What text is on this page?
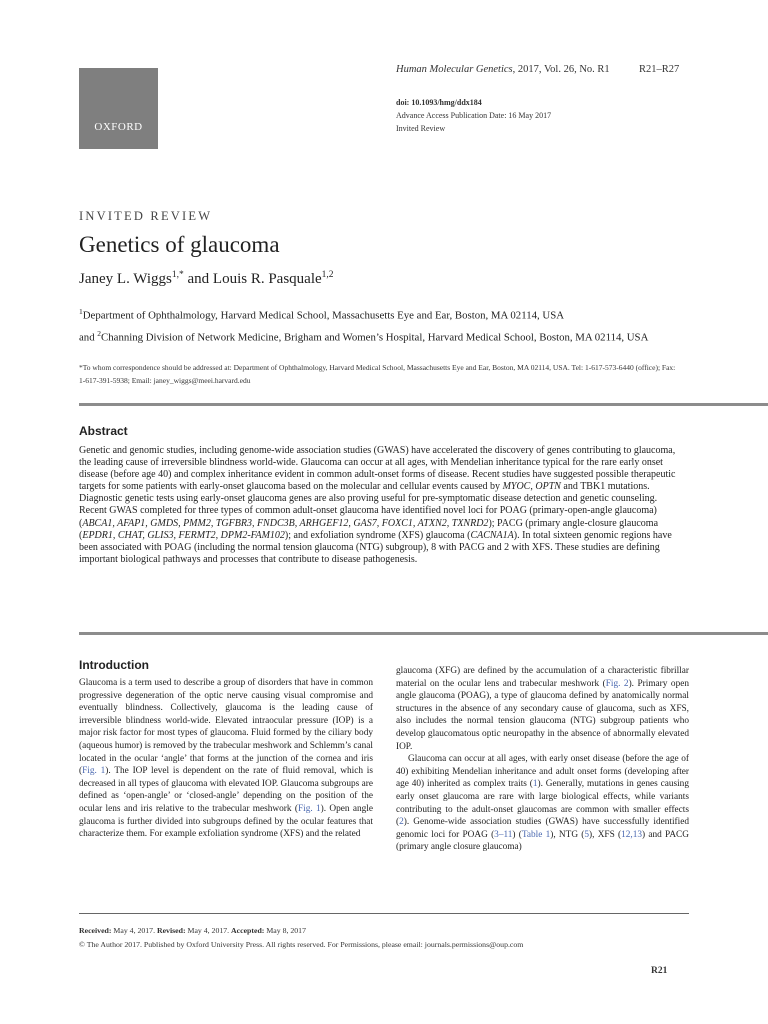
OXFORD
Human Molecular Genetics, 2017, Vol. 26, No. R1	R21–R27
doi: 10.1093/hmg/ddx184
Advance Access Publication Date: 16 May 2017
Invited Review
INVITED REVIEW
Genetics of glaucoma
Janey L. Wiggs$^{1,*}$ and Louis R. Pasquale$^{1,2}$
$^1$Department of Ophthalmology, Harvard Medical School, Massachusetts Eye and Ear, Boston, MA 02114, USA
and $^2$Channing Division of Network Medicine, Brigham and Women’s Hospital, Harvard Medical School, Boston, MA 02114, USA
*To whom correspondence should be addressed at: Department of Ophthalmology, Harvard Medical School, Massachusetts Eye and Ear, Boston, MA 02114, USA. Tel: 1-617-573-6440 (office); Fax: 1-617-391-5938; Email: janey_wiggs@meei.harvard.edu
Abstract
Genetic and genomic studies, including genome-wide association studies (GWAS) have accelerated the discovery of genes contributing to glaucoma, the leading cause of irreversible blindness world-wide. Glaucoma can occur at all ages, with Mendelian inheritance typical for the rare early onset disease (before age 40) and complex inheritance evident in common adult-onset forms of disease. Recent studies have suggested possible therapeutic targets for some patients with early-onset glaucoma based on the molecular and cellular events caused by MYOC, OPTN and TBK1 mutations. Diagnostic genetic tests using early-onset glaucoma genes are also proving useful for pre-symptomatic disease detection and genetic counseling. Recent GWAS completed for three types of common adult-onset glaucoma have identified novel loci for POAG (primary-open-angle glaucoma) (ABCA1, AFAP1, GMDS, PMM2, TGFBR3, FNDC3B, ARHGEF12, GAS7, FOXC1, ATXN2, TXNRD2); PACG (primary angle-closure glaucoma (EPDR1, CHAT, GLIS3, FERMT2, DPM2-FAM102); and exfoliation syndrome (XFS) glaucoma (CACNA1A). In total sixteen genomic regions have been associated with POAG (including the normal tension glaucoma (NTG) subgroup), 8 with PACG and 2 with XFS. These studies are defining important biological pathways and processes that contribute to disease pathogenesis.
Introduction

Glaucoma is a term used to describe a group of disorders that have in common progressive degeneration of the optic nerve causing visual compromise and eventually blindness. Collectively, glaucoma is the leading cause of irreversible blindness world-wide. Elevated intraocular pressure (IOP) is a major risk factor for most types of glaucoma. Fluid formed by the ciliary body (aqueous humor) is removed by the trabecular meshwork and Schlemm’s canal located in the ocular ‘angle’ that forms at the junction of the cornea and iris (Fig. 1). The IOP level is dependent on the rate of fluid removal, which is decreased in all types of glaucoma with elevated IOP. Glaucoma subgroups are defined as ‘open-angle’ or ‘closed-angle’ depending on the position of the ocular lens and iris relative to the trabecular meshwork (Fig. 1). Open angle glaucoma is further divided into subgroups defined by the ocular features that characterize them. For example exfoliation syndrome (XFS) and the related

glaucoma (XFG) are defined by the accumulation of a characteristic fibrillar material on the ocular lens and trabecular meshwork (Fig. 2). Primary open angle glaucoma (POAG), a type of glaucoma defined by anatomically normal structures in the absence of any secondary cause of glaucoma, such as XFS, also includes the normal tension glaucoma (NTG) subgroup patients who develop glaucomatous optic neuropathy in the absence of abnormally elevated IOP.

Glaucoma can occur at all ages, with early onset disease (before the age of 40) exhibiting Mendelian inheritance and adult onset forms (developing after age 40) inherited as complex traits (1). Generally, mutations in genes causing early onset glaucoma are rare with large biological effects, while variants contributing to the adult-onset glaucomas are common with smaller effects (2). Genome-wide association studies (GWAS) have successfully identified genomic loci for POAG (3–11) (Table 1), NTG (5), XFS (12,13) and PACG (primary angle closure glaucoma)

Received: May 4, 2017. Revised: May 4, 2017. Accepted: May 8, 2017
© The Author 2017. Published by Oxford University Press. All rights reserved. For Permissions, please email: journals.permissions@oup.com
R21
